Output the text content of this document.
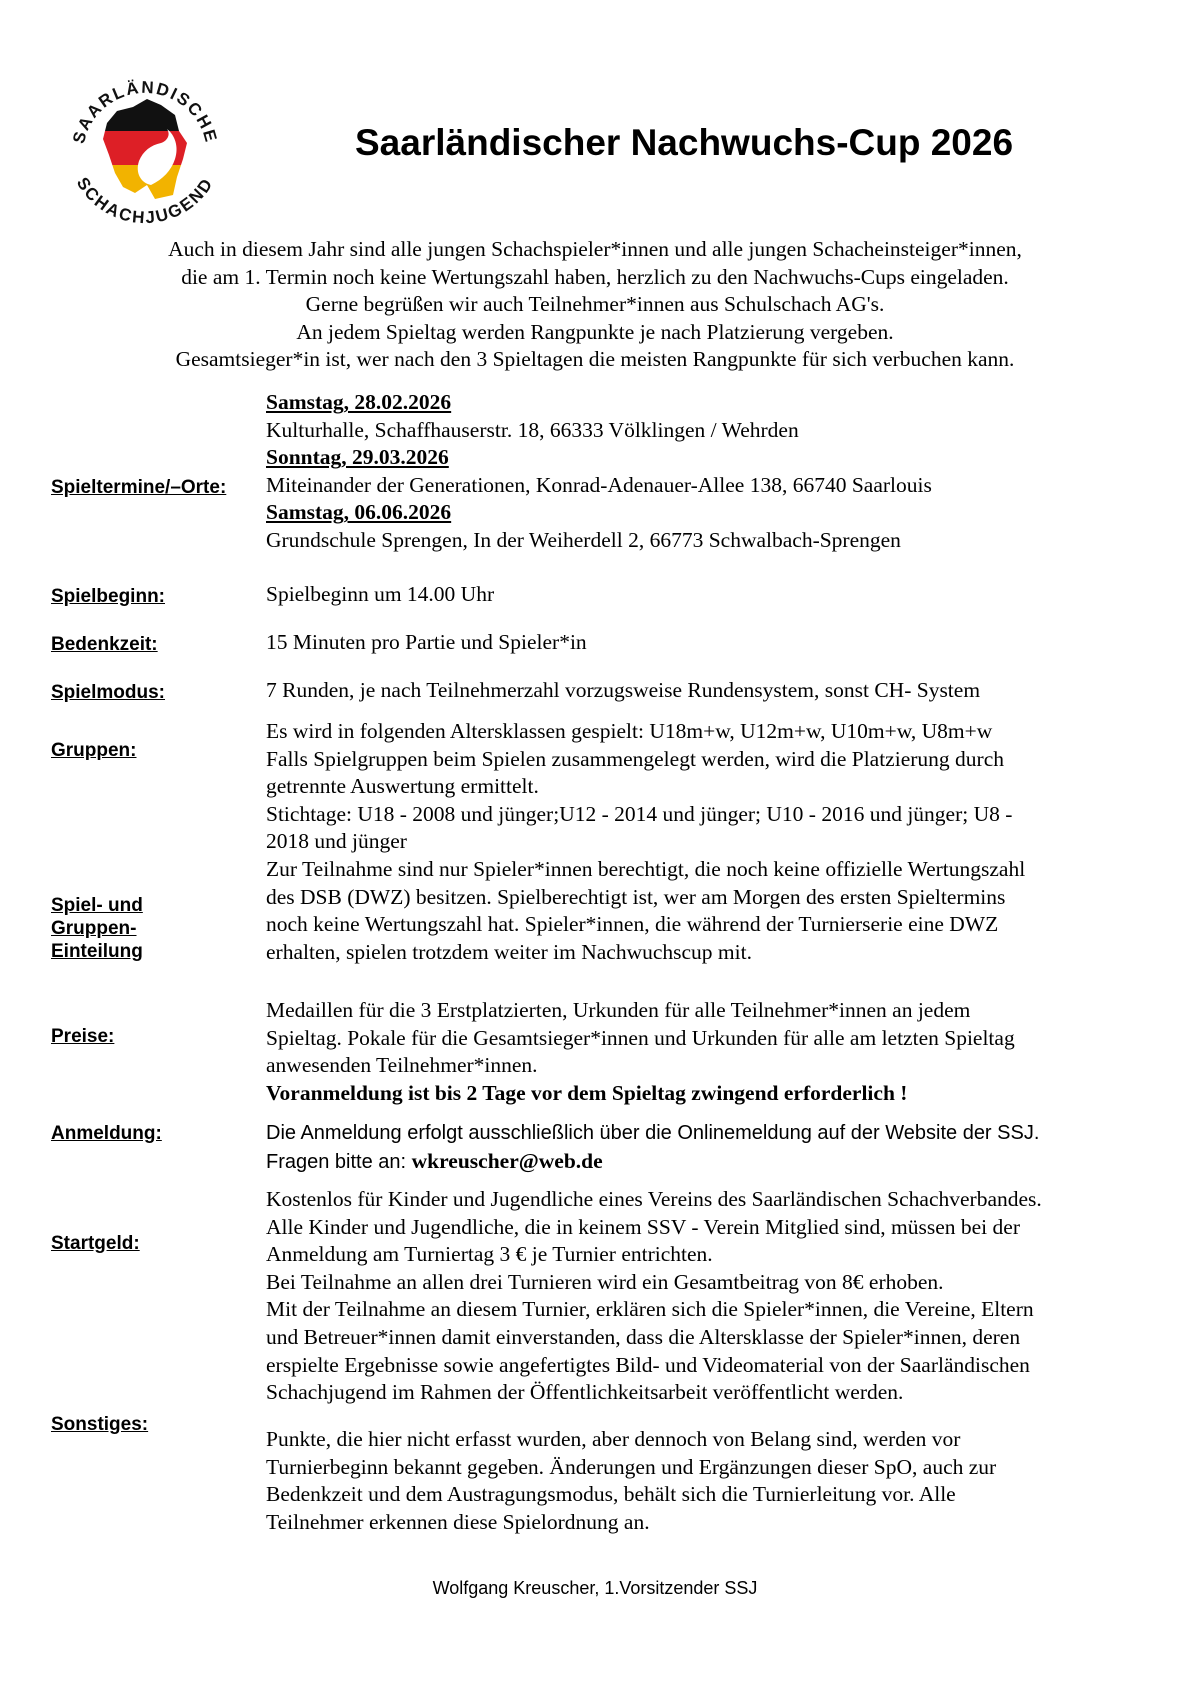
SAARLÄNDISCHE
SCHACHJUGEND
Saarländischer Nachwuchs-Cup 2026
Auch in diesem Jahr sind alle jungen Schachspieler*innen und alle jungen Schacheinsteiger*innen,
die am 1. Termin noch keine Wertungszahl haben, herzlich zu den Nachwuchs-Cups eingeladen.
Gerne begrüßen wir auch Teilnehmer*innen aus Schulschach AG's.
An jedem Spieltag werden Rangpunkte je nach Platzierung vergeben.
Gesamtsieger*in ist, wer nach den 3 Spieltagen die meisten Rangpunkte für sich verbuchen kann.
Spieltermine/–Orte:
Spielbeginn:
Bedenkzeit:
Spielmodus:
Gruppen:
Spiel- und
Gruppen-
Einteilung
Preise:
Anmeldung:
Startgeld:
Sonstiges:
Samstag, 28.02.2026
Kulturhalle, Schaffhauserstr. 18, 66333 Völklingen / Wehrden
Sonntag, 29.03.2026
Miteinander der Generationen, Konrad-Adenauer-Allee 138, 66740 Saarlouis
Samstag, 06.06.2026
Grundschule Sprengen, In der Weiherdell 2, 66773 Schwalbach-Sprengen
Spielbeginn um 14.00 Uhr
15 Minuten pro Partie und Spieler*in
7 Runden, je nach Teilnehmerzahl vorzugsweise Rundensystem, sonst CH- System
Es wird in folgenden Altersklassen gespielt: U18m+w, U12m+w, U10m+w, U8m+w
Falls Spielgruppen beim Spielen zusammengelegt werden, wird die Platzierung durch
getrennte Auswertung ermittelt.
Stichtage: U18 - 2008 und jünger;U12 - 2014 und jünger; U10 - 2016 und jünger; U8 -
2018 und jünger
Zur Teilnahme sind nur Spieler*innen berechtigt, die noch keine offizielle Wertungszahl
des DSB (DWZ) besitzen. Spielberechtigt ist, wer am Morgen des ersten Spieltermins
noch keine Wertungszahl hat. Spieler*innen, die während der Turnierserie eine DWZ
erhalten, spielen trotzdem weiter im Nachwuchscup mit.
Medaillen für die 3 Erstplatzierten, Urkunden für alle Teilnehmer*innen an jedem
Spieltag. Pokale für die Gesamtsieger*innen und Urkunden für alle am letzten Spieltag
anwesenden Teilnehmer*innen.
Voranmeldung ist bis 2 Tage vor dem Spieltag zwingend erforderlich !
Die Anmeldung erfolgt ausschließlich über die Onlinemeldung auf der Website der SSJ.
Fragen bitte an: wkreuscher@web.de
Kostenlos für Kinder und Jugendliche eines Vereins des Saarländischen Schachverbandes.
Alle Kinder und Jugendliche, die in keinem SSV - Verein Mitglied sind, müssen bei der
Anmeldung am Turniertag 3 € je Turnier entrichten.
Bei Teilnahme an allen drei Turnieren wird ein Gesamtbeitrag von 8€ erhoben.
Mit der Teilnahme an diesem Turnier, erklären sich die Spieler*innen, die Vereine, Eltern
und Betreuer*innen damit einverstanden, dass die Altersklasse der Spieler*innen, deren
erspielte Ergebnisse sowie angefertigtes Bild- und Videomaterial von der Saarländischen
Schachjugend im Rahmen der Öffentlichkeitsarbeit veröffentlicht werden.
Punkte, die hier nicht erfasst wurden, aber dennoch von Belang sind, werden vor
Turnierbeginn bekannt gegeben. Änderungen und Ergänzungen dieser SpO, auch zur
Bedenkzeit und dem Austragungsmodus, behält sich die Turnierleitung vor. Alle
Teilnehmer erkennen diese Spielordnung an.
Wolfgang Kreuscher, 1.Vorsitzender SSJ
